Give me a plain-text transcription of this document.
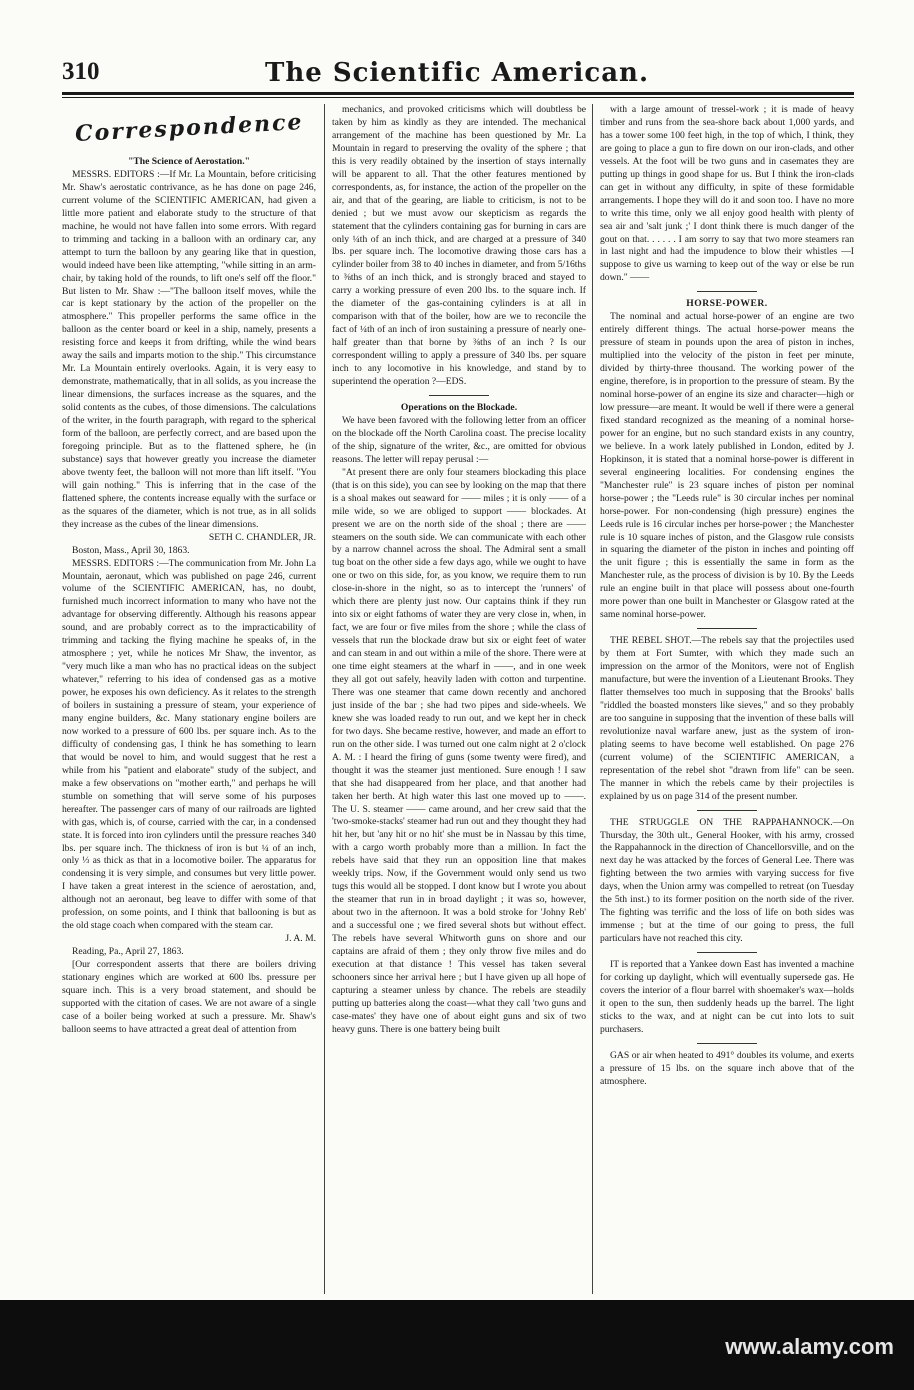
310	The Scientific American.
Correspondence

"The Science of Aerostation."

MESSRS. EDITORS :—If Mr. La Mountain, before criticising Mr. Shaw's aerostatic contrivance, as he has done on page 246, current volume of the SCIENTIFIC AMERICAN, had given a little more patient and elaborate study to the structure of that machine, he would not have fallen into some errors. With regard to trimming and tacking in a balloon with an ordinary car, any attempt to turn the balloon by any gearing like that in question, would indeed have been like attempting, "while sitting in an arm-chair, by taking hold of the rounds, to lift one's self off the floor." But listen to Mr. Shaw :—"The balloon itself moves, while the car is kept stationary by the action of the propeller on the atmosphere." This propeller performs the same office in the balloon as the center board or keel in a ship, namely, presents a resisting force and keeps it from drifting, while the wind bears away the sails and imparts motion to the ship." This circumstance Mr. La Mountain entirely overlooks. Again, it is very easy to demonstrate, mathematically, that in all solids, as you increase the linear dimensions, the surfaces increase as the squares, and the solid contents as the cubes, of those dimensions. The calculations of the writer, in the fourth paragraph, with regard to the spherical form of the balloon, are perfectly correct, and are based upon the foregoing principle. But as to the flattened sphere, he (in substance) says that however greatly you increase the diameter above twenty feet, the balloon will not more than lift itself. "You will gain nothing." This is inferring that in the case of the flattened sphere, the contents increase equally with the surface or as the squares of the diameter, which is not true, as in all solids they increase as the cubes of the linear dimensions.

SETH C. CHANDLER, JR.

Boston, Mass., April 30, 1863.

MESSRS. EDITORS :—The communication from Mr. John La Mountain, aeronaut, which was published on page 246, current volume of the SCIENTIFIC AMERICAN, has, no doubt, furnished much incorrect information to many who have not the advantage for observing differently. Although his reasons appear sound, and are probably correct as to the impracticability of trimming and tacking the flying machine he speaks of, in the atmosphere ; yet, while he notices Mr Shaw, the inventor, as "very much like a man who has no practical ideas on the subject whatever," referring to his idea of condensed gas as a motive power, he exposes his own deficiency. As it relates to the strength of boilers in sustaining a pressure of steam, your experience of many engine builders, &c. Many stationary engine boilers are now worked to a pressure of 600 lbs. per square inch. As to the difficulty of condensing gas, I think he has something to learn that would be novel to him, and would suggest that he rest a while from his "patient and elaborate" study of the subject, and make a few observations on "mother earth," and perhaps he will stumble on something that will serve some of his purposes hereafter. The passenger cars of many of our railroads are lighted with gas, which is, of course, carried with the car, in a condensed state. It is forced into iron cylinders until the pressure reaches 340 lbs. per square inch. The thickness of iron is but ¼ of an inch, only ⅓ as thick as that in a locomotive boiler. The apparatus for condensing it is very simple, and consumes but very little power. I have taken a great interest in the science of aerostation, and, although not an aeronaut, beg leave to differ with some of that profession, on some points, and I think that ballooning is but as the old stage coach when compared with the steam car.

J. A. M.

Reading, Pa., April 27, 1863.

[Our correspondent asserts that there are boilers driving stationary engines which are worked at 600 lbs. pressure per square inch. This is a very broad statement, and should be supported with the citation of cases. We are not aware of a single case of a boiler being worked at such a pressure. Mr. Shaw's balloon seems to have attracted a great deal of attention from

mechanics, and provoked criticisms which will doubtless be taken by him as kindly as they are intended. The mechanical arrangement of the machine has been questioned by Mr. La Mountain in regard to preserving the ovality of the sphere ; that this is very readily obtained by the insertion of stays internally will be apparent to all. That the other features mentioned by correspondents, as, for instance, the action of the propeller on the air, and that of the gearing, are liable to criticism, is not to be denied ; but we must avow our skepticism as regards the statement that the cylinders containing gas for burning in cars are only ¼th of an inch thick, and are charged at a pressure of 340 lbs. per square inch. The locomotive drawing those cars has a cylinder boiler from 38 to 40 inches in diameter, and from 5/16ths to ⅜ths of an inch thick, and is strongly braced and stayed to carry a working pressure of even 200 lbs. to the square inch. If the diameter of the gas-containing cylinders is at all in comparison with that of the boiler, how are we to reconcile the fact of ¼th of an inch of iron sustaining a pressure of nearly one-half greater than that borne by ⅜ths of an inch ? Is our correspondent willing to apply a pressure of 340 lbs. per square inch to any locomotive in his knowledge, and stand by to superintend the operation ?—EDS.

Operations on the Blockade.

We have been favored with the following letter from an officer on the blockade off the North Carolina coast. The precise locality of the ship, signature of the writer, &c., are omitted for obvious reasons. The letter will repay perusal :—

"At present there are only four steamers blockading this place (that is on this side), you can see by looking on the map that there is a shoal makes out seaward for —— miles ; it is only —— of a mile wide, so we are obliged to support —— blockades. At present we are on the north side of the shoal ; there are —— steamers on the south side. We can communicate with each other by a narrow channel across the shoal. The Admiral sent a small tug boat on the other side a few days ago, while we ought to have one or two on this side, for, as you know, we require them to run close-in-shore in the night, so as to intercept the 'runners' of which there are plenty just now. Our captains think if they run into six or eight fathoms of water they are very close in, when, in fact, we are four or five miles from the shore ; while the class of vessels that run the blockade draw but six or eight feet of water and can steam in and out within a mile of the shore. There were at one time eight steamers at the wharf in ——, and in one week they all got out safely, heavily laden with cotton and turpentine. There was one steamer that came down recently and anchored just inside of the bar ; she had two pipes and side-wheels. We knew she was loaded ready to run out, and we kept her in check for two days. She became restive, however, and made an effort to run on the other side. I was turned out one calm night at 2 o'clock A. M. : I heard the firing of guns (some twenty were fired), and thought it was the steamer just mentioned. Sure enough ! I saw that she had disappeared from her place, and that another had taken her berth. At high water this last one moved up to ——. The U. S. steamer —— came around, and her crew said that the 'two-smoke-stacks' steamer had run out and they thought they had hit her, but 'any hit or no hit' she must be in Nassau by this time, with a cargo worth probably more than a million. In fact the rebels have said that they run an opposition line that makes weekly trips. Now, if the Government would only send us two tugs this would all be stopped. I dont know but I wrote you about the steamer that run in in broad daylight ; it was so, however, about two in the afternoon. It was a bold stroke for 'Johny Reb' and a successful one ; we fired several shots but without effect. The rebels have several Whitworth guns on shore and our captains are afraid of them ; they only throw five miles and do execution at that distance ! This vessel has taken several schooners since her arrival here ; but I have given up all hope of capturing a steamer unless by chance. The rebels are steadily putting up batteries along the coast—what they call 'two guns and case-mates' they have one of about eight guns and six of two heavy guns. There is one battery being built

with a large amount of tressel-work ; it is made of heavy timber and runs from the sea-shore back about 1,000 yards, and has a tower some 100 feet high, in the top of which, I think, they are going to place a gun to fire down on our iron-clads, and other vessels. At the foot will be two guns and in casemates they are putting up things in good shape for us. But I think the iron-clads can get in without any difficulty, in spite of these formidable arrangements. I hope they will do it and soon too. I have no more to write this time, only we all enjoy good health with plenty of sea air and 'salt junk ;' I dont think there is much danger of the gout on that. . . . . . I am sorry to say that two more steamers ran in last night and had the impudence to blow their whistles —I suppose to give us warning to keep out of the way or else be run down." ——

HORSE-POWER.

The nominal and actual horse-power of an engine are two entirely different things. The actual horse-power means the pressure of steam in pounds upon the area of piston in inches, multiplied into the velocity of the piston in feet per minute, divided by thirty-three thousand. The working power of the engine, therefore, is in proportion to the pressure of steam. By the nominal horse-power of an engine its size and character—high or low pressure—are meant. It would be well if there were a general fixed standard recognized as the meaning of a nominal horse-power for an engine, but no such standard exists in any country, we believe. In a work lately published in London, edited by J. Hopkinson, it is stated that a nominal horse-power is different in several engineering localities. For condensing engines the "Manchester rule" is 23 square inches of piston per nominal horse-power ; the "Leeds rule" is 30 circular inches per nominal horse-power. For non-condensing (high pressure) engines the Leeds rule is 16 circular inches per horse-power ; the Manchester rule is 10 square inches of piston, and the Glasgow rule consists in squaring the diameter of the piston in inches and pointing off the unit figure ; this is essentially the same in form as the Manchester rule, as the process of division is by 10. By the Leeds rule an engine built in that place will possess about one-fourth more power than one built in Manchester or Glasgow rated at the same nominal horse-power.

THE REBEL SHOT.—The rebels say that the projectiles used by them at Fort Sumter, with which they made such an impression on the armor of the Monitors, were not of English manufacture, but were the invention of a Lieutenant Brooks. They flatter themselves too much in supposing that the Brooks' balls "riddled the boasted monsters like sieves," and so they probably are too sanguine in supposing that the invention of these balls will revolutionize naval warfare anew, just as the system of iron-plating seems to have become well established. On page 276 (current volume) of the SCIENTIFIC AMERICAN, a representation of the rebel shot "drawn from life" can be seen. The manner in which the rebels came by their projectiles is explained by us on page 314 of the present number.

THE STRUGGLE ON THE RAPPAHANNOCK.—On Thursday, the 30th ult., General Hooker, with his army, crossed the Rappahannock in the direction of Chancellorsville, and on the next day he was attacked by the forces of General Lee. There was fighting between the two armies with varying success for five days, when the Union army was compelled to retreat (on Tuesday the 5th inst.) to its former position on the north side of the river. The fighting was terrific and the loss of life on both sides was immense ; but at the time of our going to press, the full particulars have not reached this city.

IT is reported that a Yankee down East has invented a machine for corking up daylight, which will eventually supersede gas. He covers the interior of a flour barrel with shoemaker's wax—holds it open to the sun, then suddenly heads up the barrel. The light sticks to the wax, and at night can be cut into lots to suit purchasers.

GAS or air when heated to 491° doubles its volume, and exerts a pressure of 15 lbs. on the square inch above that of the atmosphere.

www.alamy.com
